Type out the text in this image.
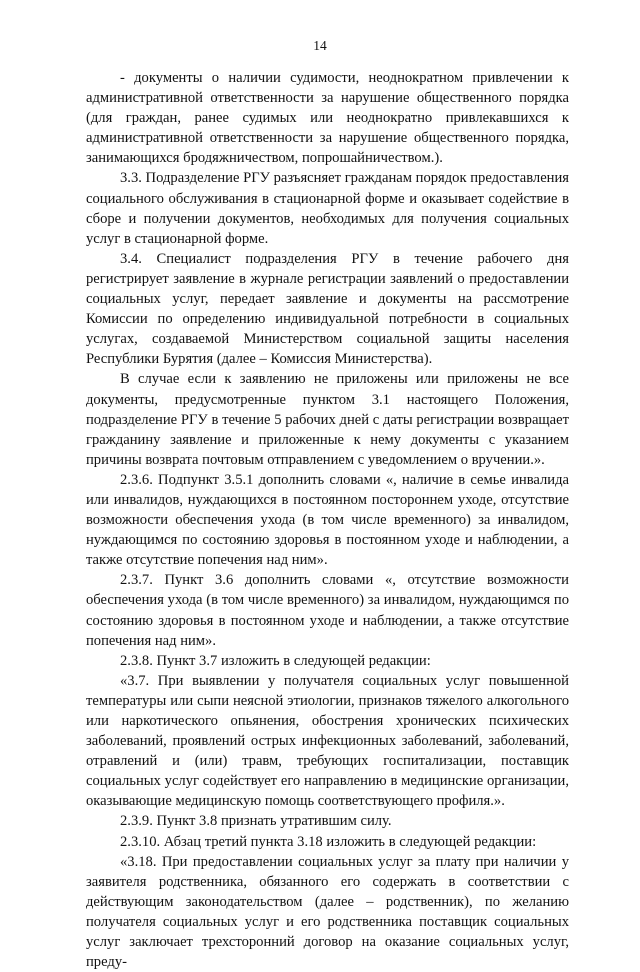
14

- документы о наличии судимости, неоднократном привлечении к административной ответственности за нарушение общественного порядка (для граждан, ранее судимых или неоднократно привлекавшихся к административной ответственности за нарушение общественного порядка, занимающихся бродяжничеством, попрошайничеством.).

3.3. Подразделение РГУ разъясняет гражданам порядок предоставления социального обслуживания в стационарной форме и оказывает содействие в сборе и получении документов, необходимых для получения социальных услуг в стационарной форме.

3.4. Специалист подразделения РГУ в течение рабочего дня регистрирует заявление в журнале регистрации заявлений о предоставлении социальных услуг, передает заявление и документы на рассмотрение Комиссии по определению индивидуальной потребности в социальных услугах, создаваемой Министерством социальной защиты населения Республики Бурятия (далее – Комиссия Министерства).

В случае если к заявлению не приложены или приложены не все документы, предусмотренные пунктом 3.1 настоящего Положения, подразделение РГУ в течение 5 рабочих дней с даты регистрации возвращает гражданину заявление и приложенные к нему документы с указанием причины возврата почтовым отправлением с уведомлением о вручении.».

2.3.6. Подпункт 3.5.1 дополнить словами «, наличие в семье инвалида или инвалидов, нуждающихся в постоянном постороннем уходе, отсутствие возможности обеспечения ухода (в том числе временного) за инвалидом, нуждающимся по состоянию здоровья в постоянном уходе и наблюдении, а также отсутствие попечения над ним».

2.3.7. Пункт 3.6 дополнить словами «, отсутствие возможности обеспечения ухода (в том числе временного) за инвалидом, нуждающимся по состоянию здоровья в постоянном уходе и наблюдении, а также отсутствие попечения над ним».

2.3.8. Пункт 3.7 изложить в следующей редакции:

«3.7. При выявлении у получателя социальных услуг повышенной температуры или сыпи неясной этиологии, признаков тяжелого алкогольного или наркотического опьянения, обострения хронических психических заболеваний, проявлений острых инфекционных заболеваний, заболеваний, отравлений и (или) травм, требующих госпитализации, поставщик социальных услуг содействует его направлению в медицинские организации, оказывающие медицинскую помощь соответствующего профиля.».

2.3.9. Пункт 3.8 признать утратившим силу.

2.3.10. Абзац третий пункта 3.18 изложить в следующей редакции:

«3.18. При предоставлении социальных услуг за плату при наличии у заявителя родственника, обязанного его содержать в соответствии с действующим законодательством (далее – родственник), по желанию получателя социальных услуг и его родственника поставщик социальных услуг заключает трехсторонний договор на оказание социальных услуг, преду-
